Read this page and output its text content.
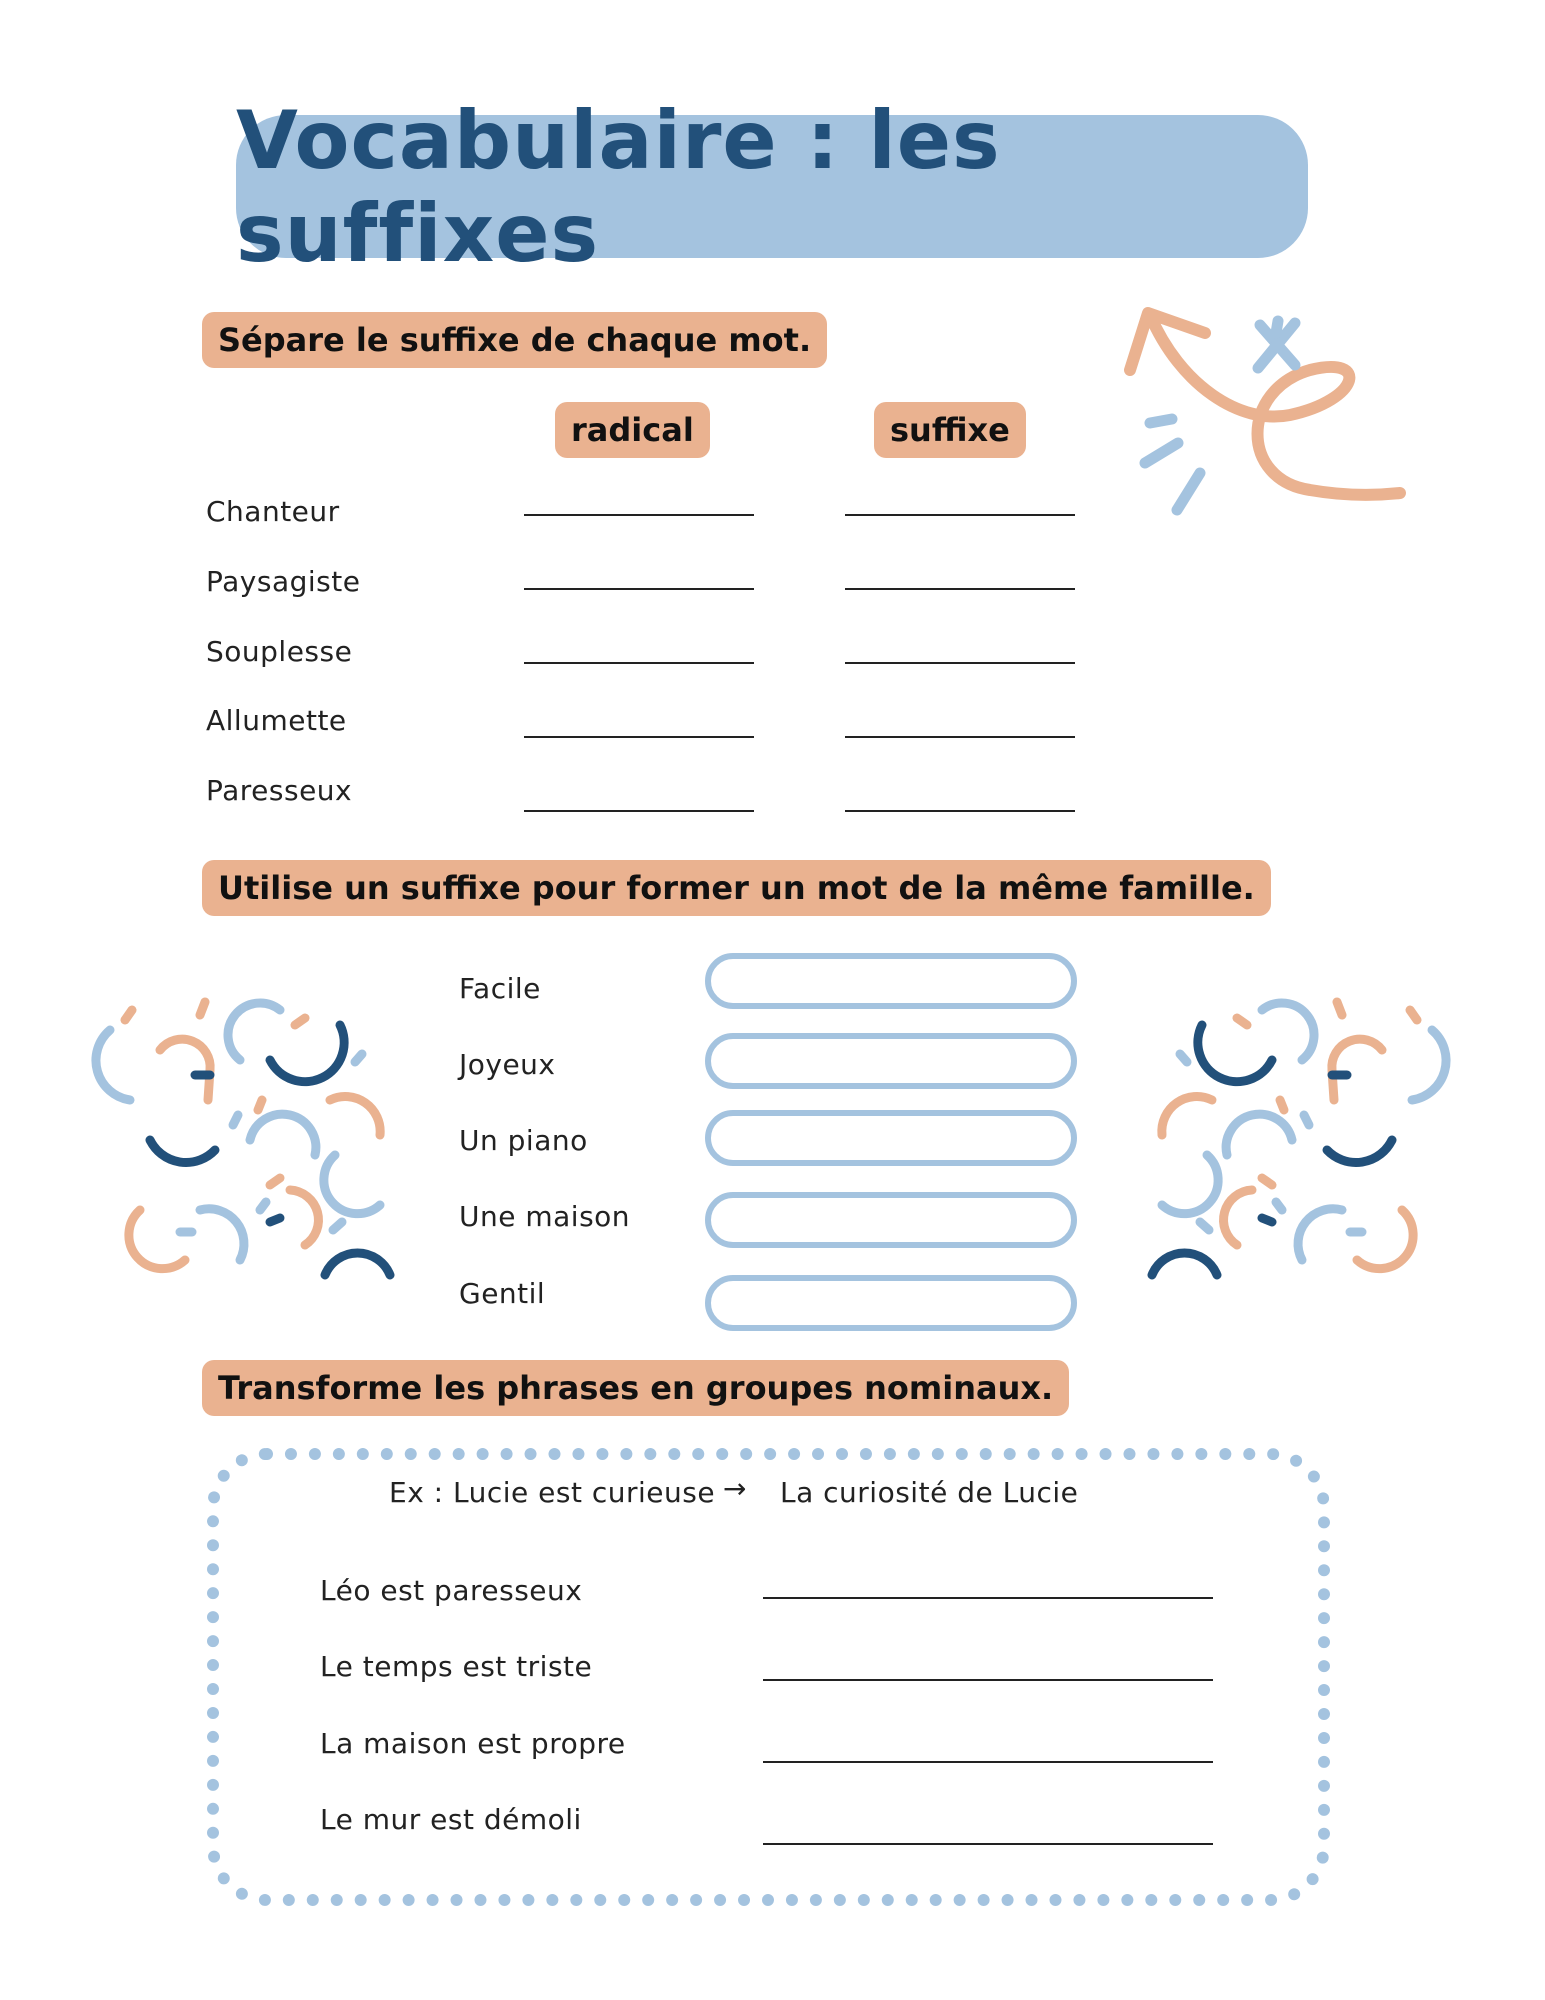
Vocabulaire : les suffixes
Sépare le suffixe de chaque mot.
radical	suffixe
Chanteur
Paysagiste
Souplesse
Allumette
Paresseux
Utilise un suffixe pour former un mot de la même famille.
Facile
Joyeux
Un piano
Une maison
Gentil
Transforme les phrases en groupes nominaux.
Ex : Lucie est curieuse → La curiosité de Lucie
Léo est paresseux
Le temps est triste
La maison est propre
Le mur est démoli
